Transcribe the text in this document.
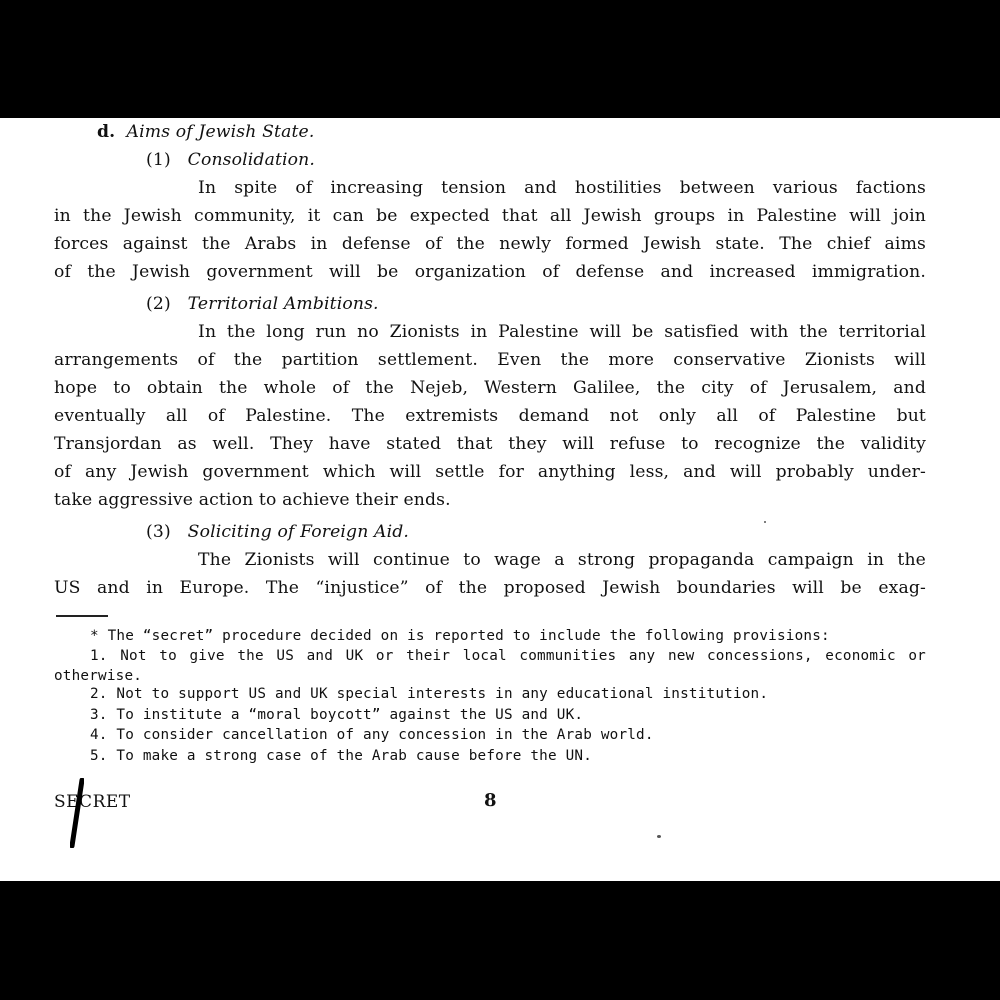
d. Aims of Jewish State.
(1) Consolidation.
In spite of increasing tension and hostilities between various factions
in the Jewish community, it can be expected that all Jewish groups in Palestine will join
forces against the Arabs in defense of the newly formed Jewish state. The chief aims
of the Jewish government will be organization of defense and increased immigration.
(2) Territorial Ambitions.
In the long run no Zionists in Palestine will be satisfied with the territorial
arrangements of the partition settlement. Even the more conservative Zionists will
hope to obtain the whole of the Nejeb, Western Galilee, the city of Jerusalem, and
eventually all of Palestine. The extremists demand not only all of Palestine but
Transjordan as well. They have stated that they will refuse to recognize the validity
of any Jewish government which will settle for anything less, and will probably under-
take aggressive action to achieve their ends.
(3) Soliciting of Foreign Aid.
The Zionists will continue to wage a strong propaganda campaign in the
US and in Europe. The “injustice” of the proposed Jewish boundaries will be exag-
* The “secret” procedure decided on is reported to include the following provisions:
1. Not to give the US and UK or their local communities any new concessions, economic or
otherwise.
2. Not to support US and UK special interests in any educational institution.
3. To institute a “moral boycott” against the US and UK.
4. To consider cancellation of any concession in the Arab world.
5. To make a strong case of the Arab cause before the UN.
SECRET	8
